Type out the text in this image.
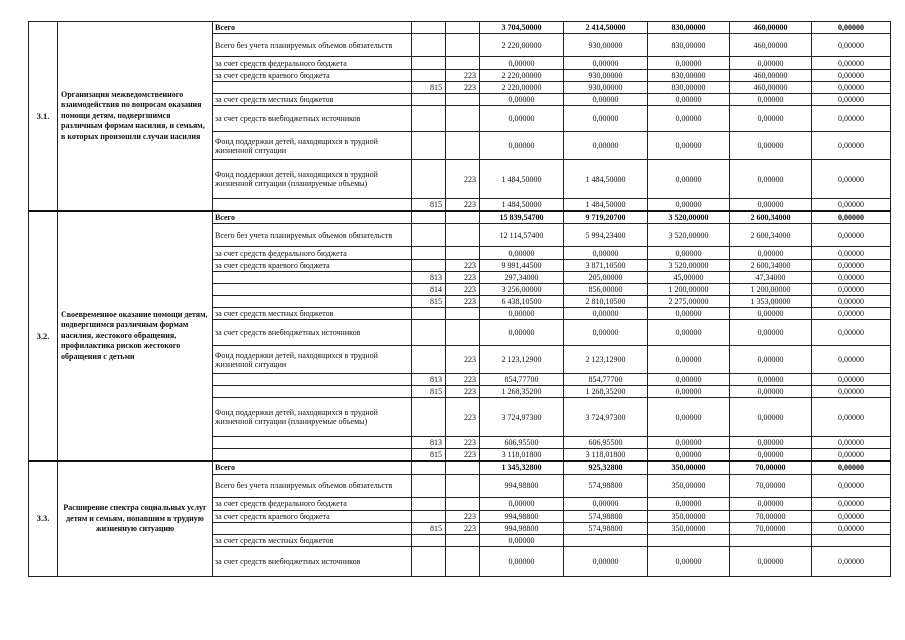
3.1.	Организация межведомственного взаимодействия по вопросам оказания помощи детям, подвергшимся различным формам насилия, и семьям, в которых произошли случаи насилия	Всего			3 704,50000	2 414,50000	830,00000	460,00000	0,00000
		Всего без учета планируемых объемов обязательств			2 220,00000	930,00000	830,00000	460,00000	0,00000
		за счет средств федерального бюджета			0,00000	0,00000	0,00000	0,00000	0,00000
		за счет средств краевого бюджета		223	2 220,00000	930,00000	830,00000	460,00000	0,00000
			815	223	2 220,00000	930,00000	830,00000	460,00000	0,00000
		за счет средств местных бюджетов			0,00000	0,00000	0,00000	0,00000	0,00000
		за счет средств внебюджетных источников			0,00000	0,00000	0,00000	0,00000	0,00000
		Фонд поддержки детей, находящихся в трудной жизненной ситуации			0,00000	0,00000	0,00000	0,00000	0,00000
		Фонд поддержки детей, находящихся в трудной жизненной ситуации (планируемые объемы)		223	1 484,50000	1 484,50000	0,00000	0,00000	0,00000
			815	223	1 484,50000	1 484,50000	0,00000	0,00000	0,00000
3.2.	Своевременное оказание помощи детям, подвергшимся различным формам насилия, жестокого обращения, профилактика рисков жестокого обращения с детьми	Всего			15 839,54700	9 719,20700	3 520,00000	2 600,34000	0,00000
		Всего без учета планируемых объемов обязательств			12 114,57400	5 994,23400	3 520,00000	2 600,34000	0,00000
		за счет средств федерального бюджета			0,00000	0,00000	0,00000	0,00000	0,00000
		за счет средств краевого бюджета		223	9 991,44500	3 871,10500	3 520,00000	2 600,34000	0,00000
			813	223	297,34000	205,00000	45,00000	47,34000	0,00000
			814	223	3 256,00000	856,00000	1 200,00000	1 200,00000	0,00000
			815	223	6 438,10500	2 810,10500	2 275,00000	1 353,00000	0,00000
		за счет средств местных бюджетов			0,00000	0,00000	0,00000	0,00000	0,00000
		за счет средств внебюджетных источников			0,00000	0,00000	0,00000	0,00000	0,00000
		Фонд поддержки детей, находящихся в трудной жизненной ситуации		223	2 123,12900	2 123,12900	0,00000	0,00000	0,00000
			813	223	854,77700	854,77700	0,00000	0,00000	0,00000
			815	223	1 268,35200	1 268,35200	0,00000	0,00000	0,00000
		Фонд поддержки детей, находящихся в трудной жизненной ситуации (планируемые объемы)		223	3 724,97300	3 724,97300	0,00000	0,00000	0,00000
			813	223	606,95500	606,95500	0,00000	0,00000	0,00000
			815	223	3 118,01800	3 118,01800	0,00000	0,00000	0,00000
3.3.	Расширение спектра социальных услуг детям и семьям, попавшим в трудную жизненную ситуацию	Всего			1 345,32800	925,32800	350,00000	70,00000	0,00000
		Всего без учета планируемых объемов обязательств			994,98800	574,98800	350,00000	70,00000	0,00000
		за счет средств федерального бюджета			0,00000	0,00000	0,00000	0,00000	0,00000
		за счет средств краевого бюджета		223	994,98800	574,98800	350,00000	70,00000	0,00000
			815	223	994,98800	574,98800	350,00000	70,00000	0,00000
		за счет средств местных бюджетов			0,00000				
		за счет средств внебюджетных источников			0,00000	0,00000	0,00000	0,00000	0,00000
